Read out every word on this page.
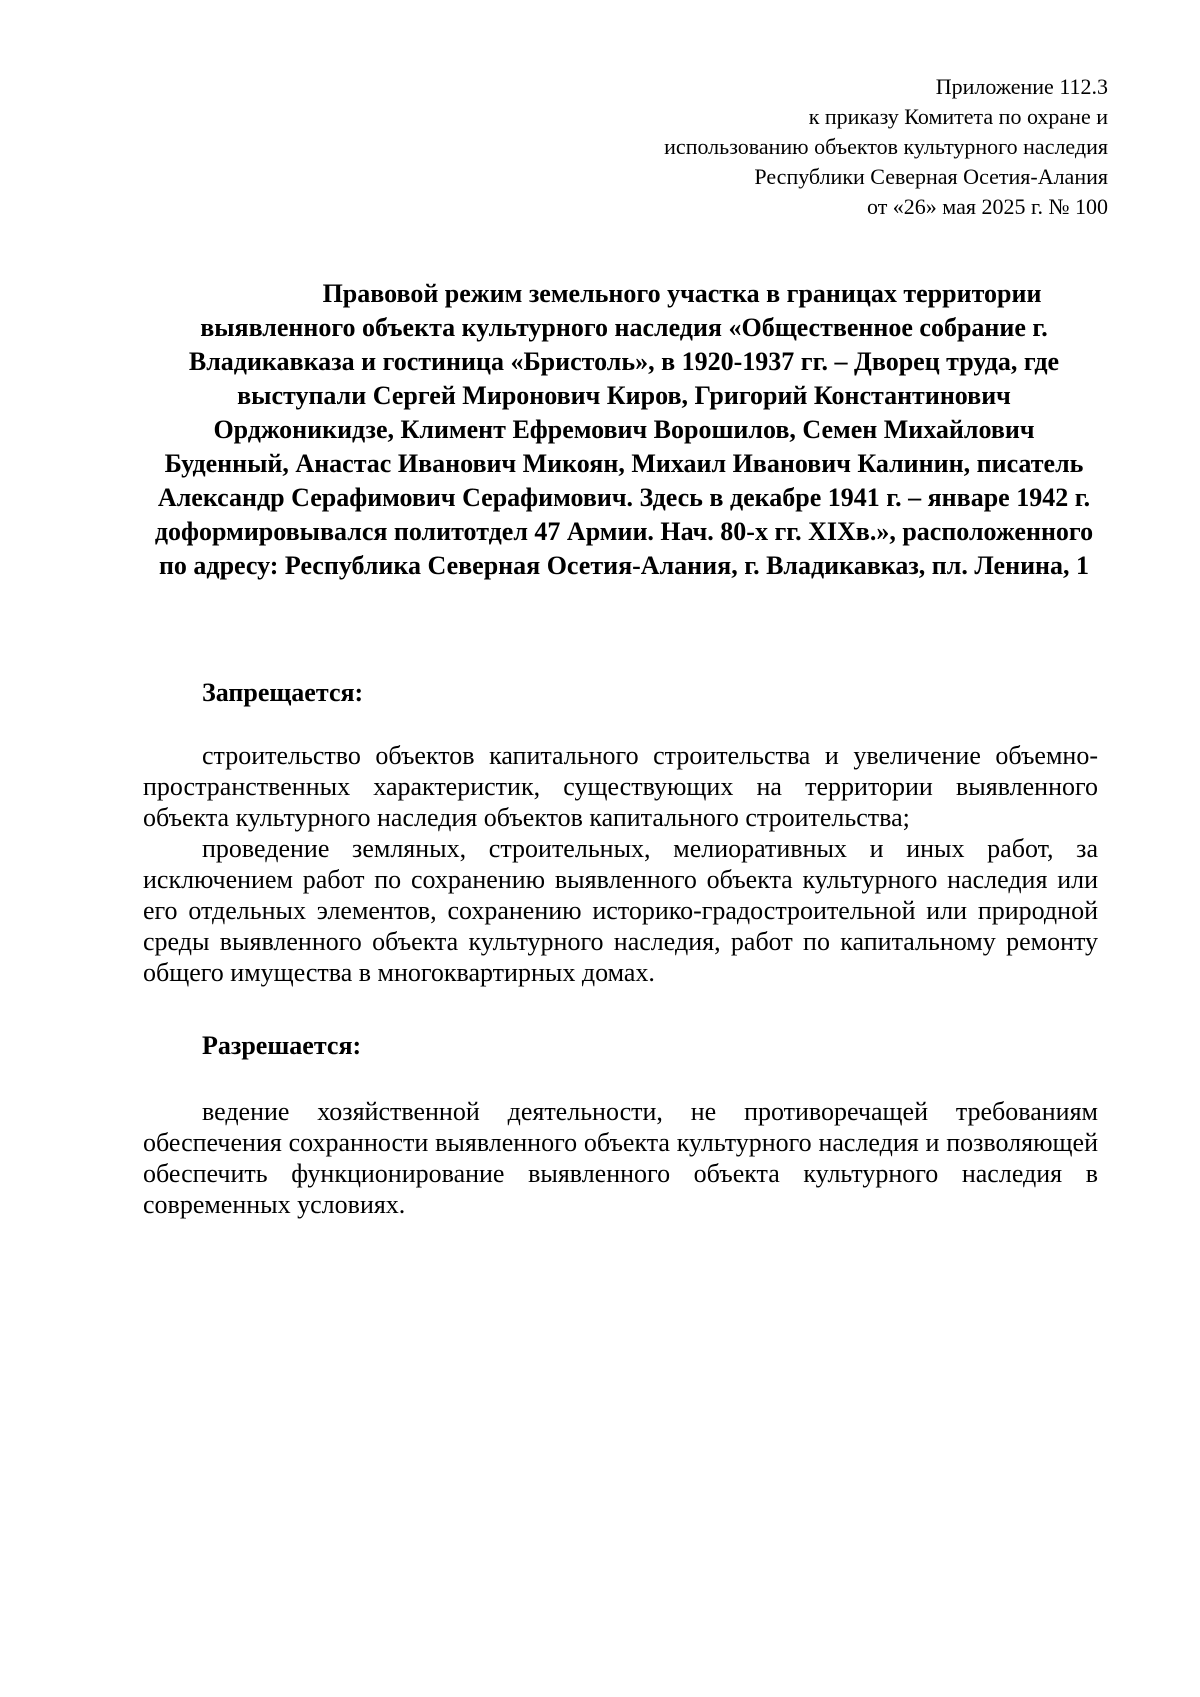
Приложение 112.3
к приказу Комитета по охране и
использованию объектов культурного наследия
Республики Северная Осетия-Алания
от «26» мая 2025 г. № 100
Правовой режим земельного участка в границах территории выявленного объекта культурного наследия «Общественное собрание г. Владикавказа и гостиница «Бристоль», в 1920-1937 гг. – Дворец труда, где выступали Сергей Миронович Киров, Григорий Константинович Орджоникидзе, Климент Ефремович Ворошилов, Семен Михайлович Буденный, Анастас Иванович Микоян, Михаил Иванович Калинин, писатель Александр Серафимович Серафимович. Здесь в декабре 1941 г. – январе 1942 г. доформировывался политотдел 47 Армии. Нач. 80-х гг. XIXв.», расположенного по адресу: Республика Северная Осетия-Алания, г. Владикавказ, пл. Ленина, 1
Запрещается:

строительство объектов капитального строительства и увеличение объемно-пространственных характеристик, существующих на территории выявленного объекта культурного наследия объектов капитального строительства;

проведение земляных, строительных, мелиоративных и иных работ, за исключением работ по сохранению выявленного объекта культурного наследия или его отдельных элементов, сохранению историко-градостроительной или природной среды выявленного объекта культурного наследия, работ по капитальному ремонту общего имущества в многоквартирных домах.

Разрешается:

ведение хозяйственной деятельности, не противоречащей требованиям обеспечения сохранности выявленного объекта культурного наследия и позволяющей обеспечить функционирование выявленного объекта культурного наследия в современных условиях.
